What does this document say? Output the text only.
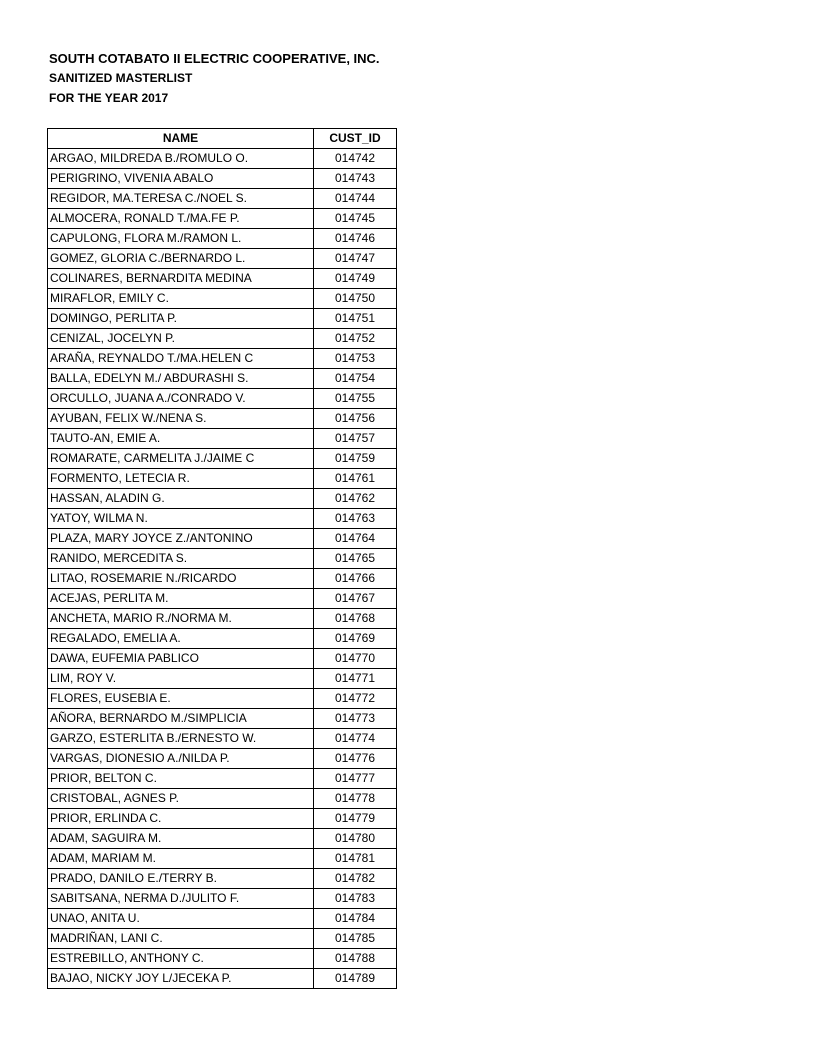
SOUTH COTABATO II ELECTRIC COOPERATIVE, INC.
SANITIZED MASTERLIST
FOR THE YEAR 2017
NAME	CUST_ID
ARGAO, MILDREDA B./ROMULO O.	014742
PERIGRINO, VIVENIA ABALO	014743
REGIDOR, MA.TERESA C./NOEL S.	014744
ALMOCERA, RONALD T./MA.FE P.	014745
CAPULONG, FLORA M./RAMON L.	014746
GOMEZ, GLORIA C./BERNARDO L.	014747
COLINARES, BERNARDITA MEDINA	014749
MIRAFLOR, EMILY C.	014750
DOMINGO, PERLITA P.	014751
CENIZAL, JOCELYN P.	014752
ARAÑA, REYNALDO T./MA.HELEN C	014753
BALLA, EDELYN M./ ABDURASHI S.	014754
ORCULLO, JUANA A./CONRADO V.	014755
AYUBAN, FELIX W./NENA S.	014756
TAUTO-AN, EMIE A.	014757
ROMARATE, CARMELITA J./JAIME C	014759
FORMENTO, LETECIA R.	014761
HASSAN, ALADIN G.	014762
YATOY, WILMA N.	014763
PLAZA, MARY JOYCE Z./ANTONINO	014764
RANIDO, MERCEDITA S.	014765
LITAO, ROSEMARIE N./RICARDO	014766
ACEJAS, PERLITA M.	014767
ANCHETA, MARIO R./NORMA M.	014768
REGALADO, EMELIA A.	014769
DAWA, EUFEMIA PABLICO	014770
LIM, ROY V.	014771
FLORES, EUSEBIA E.	014772
AÑORA, BERNARDO M./SIMPLICIA	014773
GARZO, ESTERLITA B./ERNESTO W.	014774
VARGAS, DIONESIO A./NILDA P.	014776
PRIOR, BELTON C.	014777
CRISTOBAL, AGNES P.	014778
PRIOR, ERLINDA C.	014779
ADAM, SAGUIRA M.	014780
ADAM, MARIAM M.	014781
PRADO, DANILO E./TERRY B.	014782
SABITSANA, NERMA D./JULITO F.	014783
UNAO, ANITA U.	014784
MADRIÑAN, LANI C.	014785
ESTREBILLO, ANTHONY C.	014788
BAJAO, NICKY JOY L/JECEKA P.	014789
